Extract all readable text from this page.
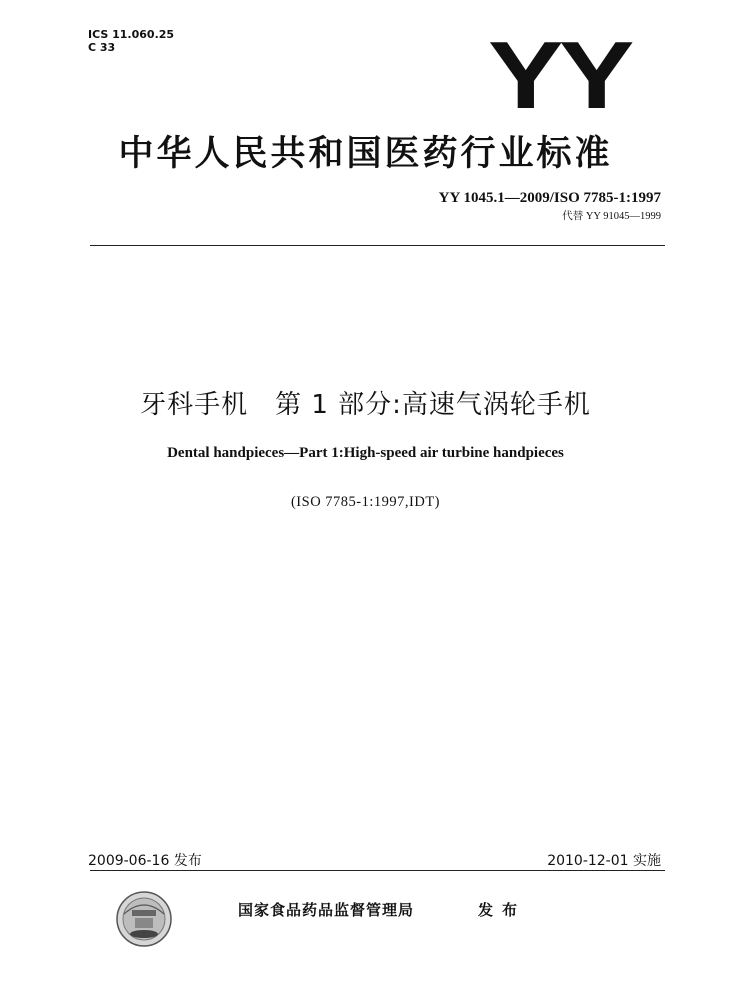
ICS 11.060.25
C 33	YY
中华人民共和国医药行业标准
YY 1045.1—2009/ISO 7785-1:1997
代替 YY 91045—1999
牙科手机　第 1 部分:高速气涡轮手机
Dental handpieces—Part 1:High-speed air turbine handpieces
(ISO 7785-1:1997,IDT)
2009-06-16 发布	2010-12-01 实施
国家食品药品监督管理局	发布
